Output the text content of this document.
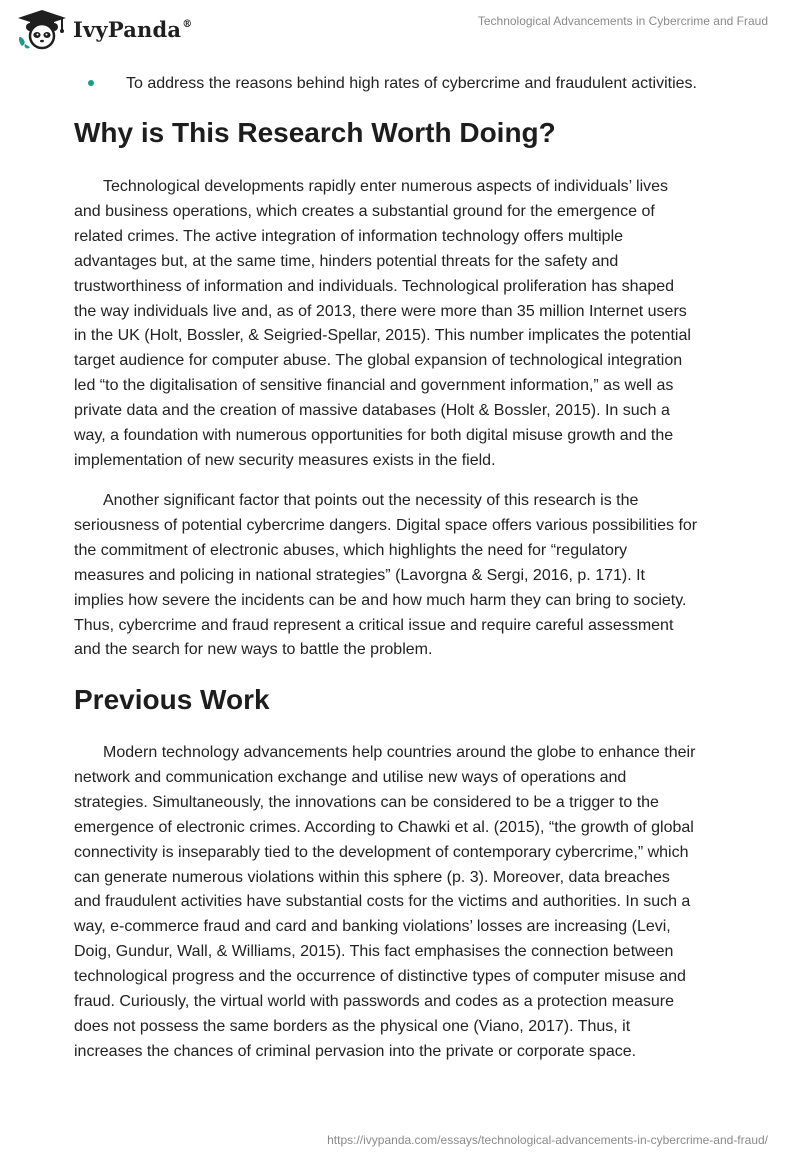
IvyPanda®	Technological Advancements in Cybercrime and Fraud
To address the reasons behind high rates of cybercrime and fraudulent activities.
Why is This Research Worth Doing?

Technological developments rapidly enter numerous aspects of individuals’ lives
and business operations, which creates a substantial ground for the emergence of
related crimes. The active integration of information technology offers multiple
advantages but, at the same time, hinders potential threats for the safety and
trustworthiness of information and individuals. Technological proliferation has shaped
the way individuals live and, as of 2013, there were more than 35 million Internet users
in the UK (Holt, Bossler, & Seigried-Spellar, 2015). This number implicates the potential
target audience for computer abuse. The global expansion of technological integration
led “to the digitalisation of sensitive financial and government information,” as well as
private data and the creation of massive databases (Holt & Bossler, 2015). In such a
way, a foundation with numerous opportunities for both digital misuse growth and the
implementation of new security measures exists in the field.

Another significant factor that points out the necessity of this research is the
seriousness of potential cybercrime dangers. Digital space offers various possibilities for
the commitment of electronic abuses, which highlights the need for “regulatory
measures and policing in national strategies” (Lavorgna & Sergi, 2016, p. 171). It
implies how severe the incidents can be and how much harm they can bring to society.
Thus, cybercrime and fraud represent a critical issue and require careful assessment
and the search for new ways to battle the problem.

Previous Work

Modern technology advancements help countries around the globe to enhance their
network and communication exchange and utilise new ways of operations and
strategies. Simultaneously, the innovations can be considered to be a trigger to the
emergence of electronic crimes. According to Chawki et al. (2015), “the growth of global
connectivity is inseparably tied to the development of contemporary cybercrime,” which
can generate numerous violations within this sphere (p. 3). Moreover, data breaches
and fraudulent activities have substantial costs for the victims and authorities. In such a
way, e-commerce fraud and card and banking violations’ losses are increasing (Levi,
Doig, Gundur, Wall, & Williams, 2015). This fact emphasises the connection between
technological progress and the occurrence of distinctive types of computer misuse and
fraud. Curiously, the virtual world with passwords and codes as a protection measure
does not possess the same borders as the physical one (Viano, 2017). Thus, it
increases the chances of criminal pervasion into the private or corporate space.

https://ivypanda.com/essays/technological-advancements-in-cybercrime-and-fraud/
